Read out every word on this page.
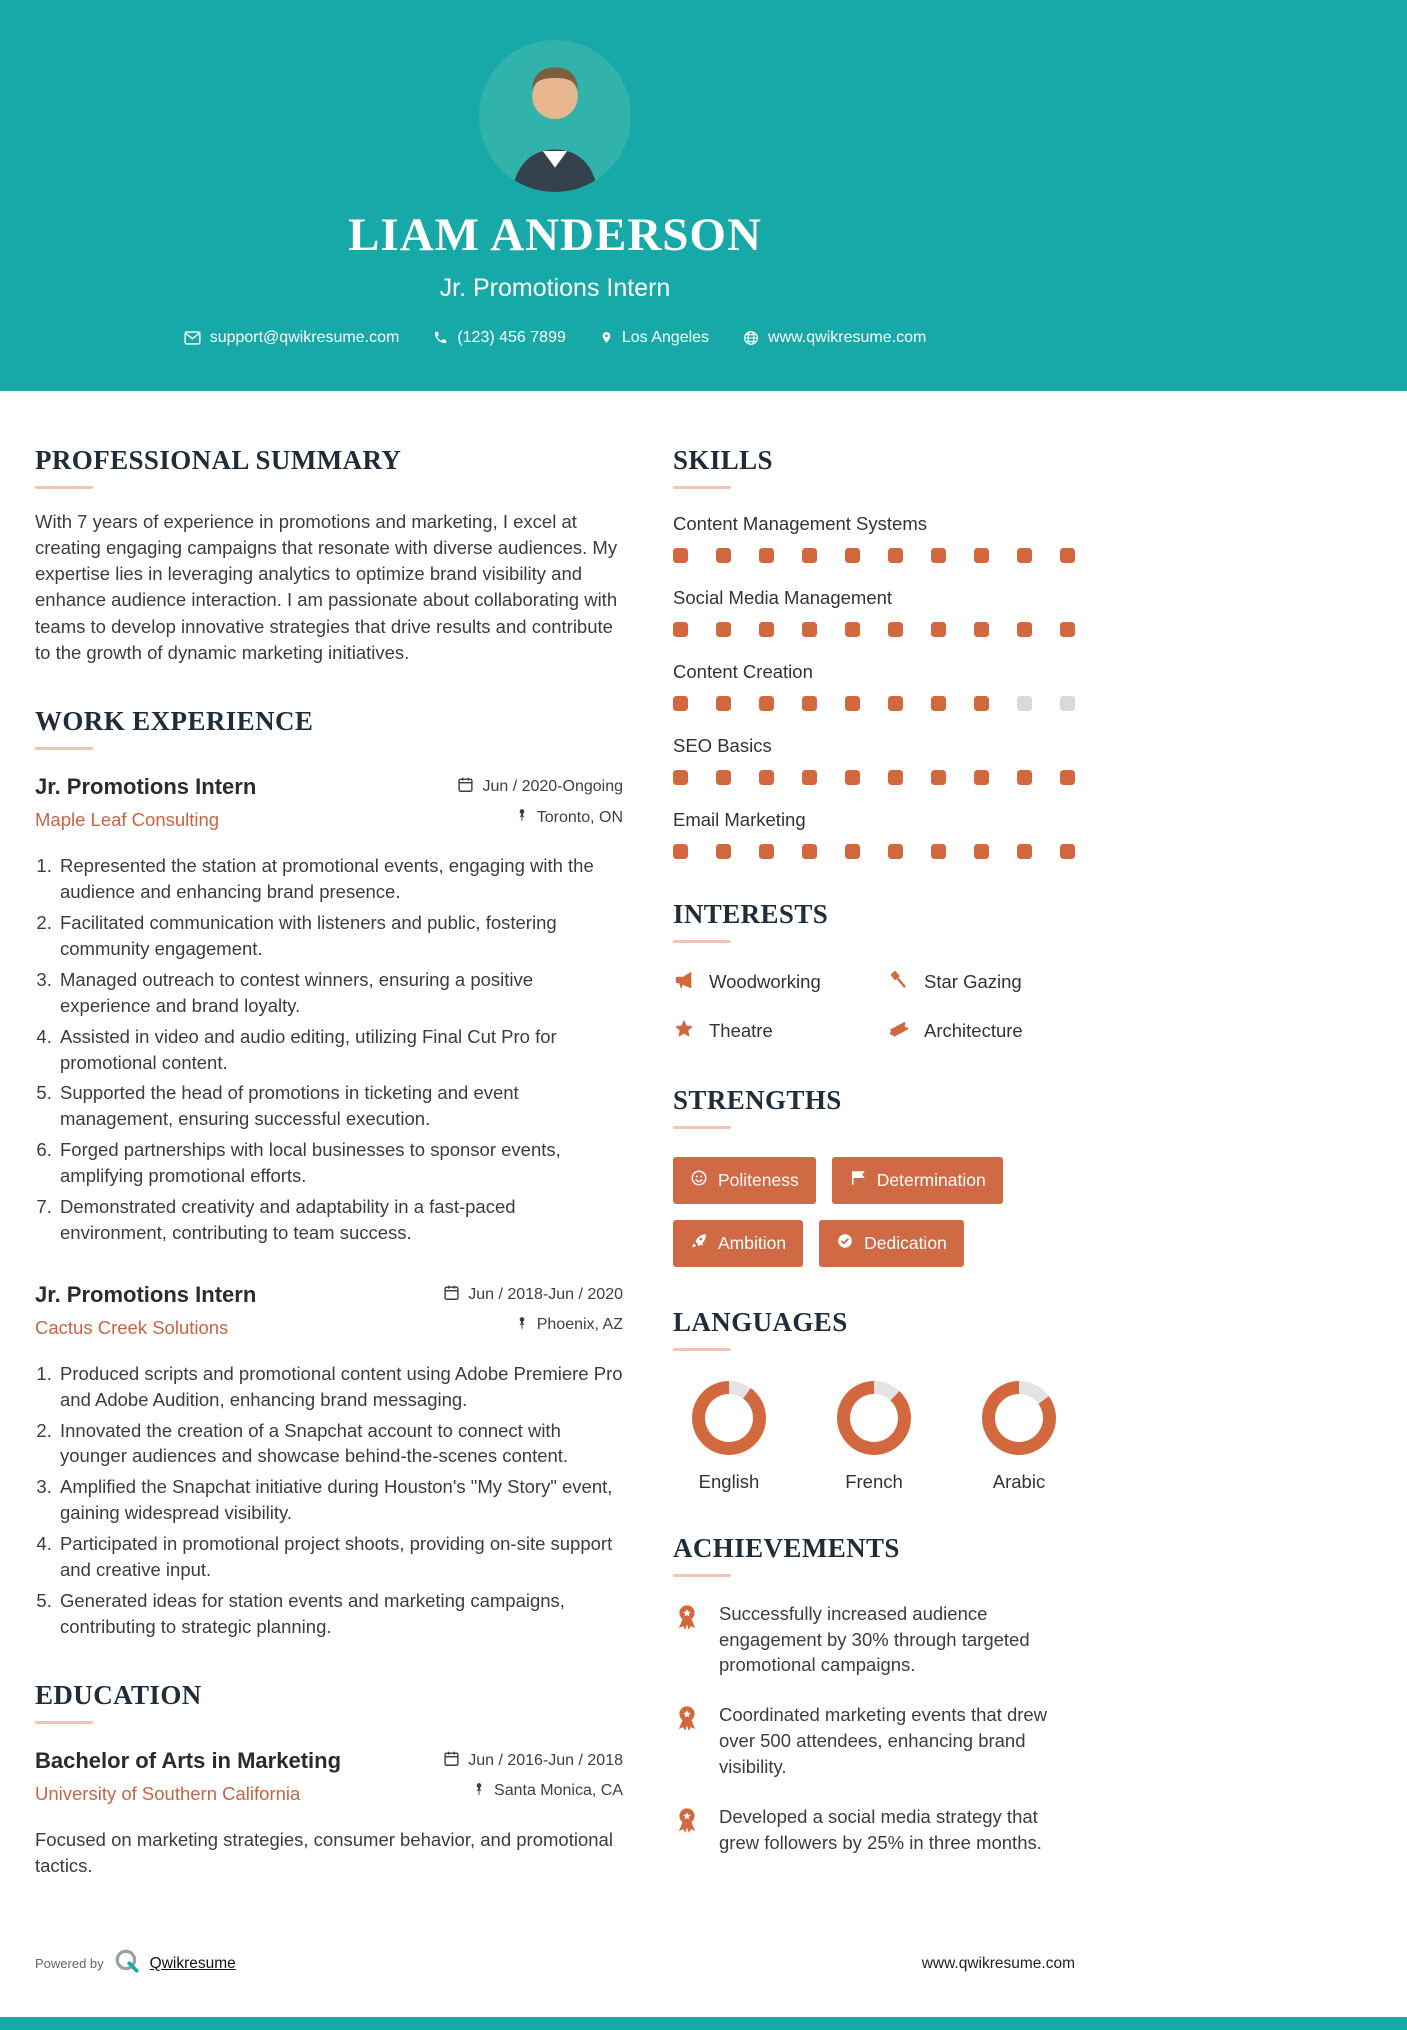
LIAM ANDERSON
Jr. Promotions Intern
support@qwikresume.com	(123) 456 7899	Los Angeles	www.qwikresume.com
PROFESSIONAL SUMMARY

With 7 years of experience in promotions and marketing, I excel at creating engaging campaigns that resonate with diverse audiences. My expertise lies in leveraging analytics to optimize brand visibility and enhance audience interaction. I am passionate about collaborating with teams to develop innovative strategies that drive results and contribute to the growth of dynamic marketing initiatives.

WORK EXPERIENCE
Jr. Promotions Intern
Maple Leaf Consulting
Jun / 2020-Ongoing
Toronto, ON
1. Represented the station at promotional events, engaging with the audience and enhancing brand presence.
2. Facilitated communication with listeners and public, fostering community engagement.
3. Managed outreach to contest winners, ensuring a positive experience and brand loyalty.
4. Assisted in video and audio editing, utilizing Final Cut Pro for promotional content.
5. Supported the head of promotions in ticketing and event management, ensuring successful execution.
6. Forged partnerships with local businesses to sponsor events, amplifying promotional efforts.
7. Demonstrated creativity and adaptability in a fast-paced environment, contributing to team success.
Jr. Promotions Intern
Cactus Creek Solutions
Jun / 2018-Jun / 2020
Phoenix, AZ
1. Produced scripts and promotional content using Adobe Premiere Pro and Adobe Audition, enhancing brand messaging.
2. Innovated the creation of a Snapchat account to connect with younger audiences and showcase behind-the-scenes content.
3. Amplified the Snapchat initiative during Houston's "My Story" event, gaining widespread visibility.
4. Participated in promotional project shoots, providing on-site support and creative input.
5. Generated ideas for station events and marketing campaigns, contributing to strategic planning.
EDUCATION
Bachelor of Arts in Marketing
University of Southern California
Jun / 2016-Jun / 2018
Santa Monica, CA

Focused on marketing strategies, consumer behavior, and promotional tactics.

SKILLS
Content Management Systems
Social Media Management
Content Creation
SEO Basics
Email Marketing
INTERESTS
Woodworking	Star Gazing
Theatre	Architecture
STRENGTHS
Politeness	Determination
Ambition	Dedication
LANGUAGES
English	French	Arabic
ACHIEVEMENTS
Successfully increased audience engagement by 30% through targeted promotional campaigns.
Coordinated marketing events that drew over 500 attendees, enhancing brand visibility.
Developed a social media strategy that grew followers by 25% in three months.
Powered by	Qwikresume	www.qwikresume.com
